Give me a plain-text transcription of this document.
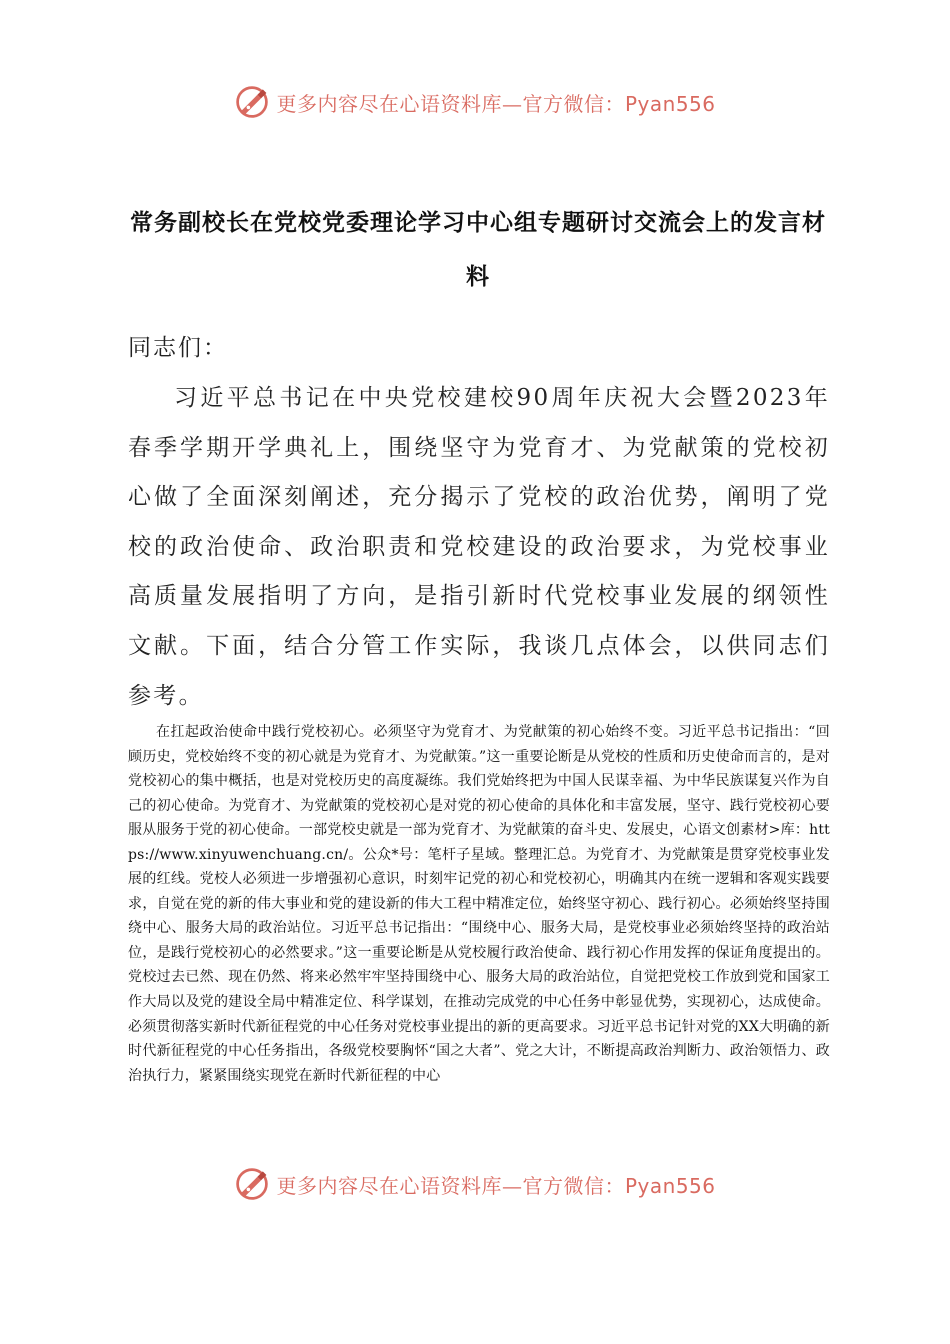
更多内容尽在心语资料库—官方微信：Pyan556
常务副校长在党校党委理论学习中心组专题研讨交流会上的发言材料
同志们：

习近平总书记在中央党校建校90周年庆祝大会暨2023年春季学期开学典礼上，围绕坚守为党育才、为党献策的党校初心做了全面深刻阐述，充分揭示了党校的政治优势，阐明了党校的政治使命、政治职责和党校建设的政治要求，为党校事业高质量发展指明了方向，是指引新时代党校事业发展的纲领性文献。下面，结合分管工作实际，我谈几点体会，以供同志们参考。

在扛起政治使命中践行党校初心。必须坚守为党育才、为党献策的初心始终不变。习近平总书记指出：“回顾历史，党校始终不变的初心就是为党育才、为党献策。”这一重要论断是从党校的性质和历史使命而言的，是对党校初心的集中概括，也是对党校历史的高度凝练。我们党始终把为中国人民谋幸福、为中华民族谋复兴作为自己的初心使命。为党育才、为党献策的党校初心是对党的初心使命的具体化和丰富发展，坚守、践行党校初心要服从服务于党的初心使命。一部党校史就是一部为党育才、为党献策的奋斗史、发展史，心语文创素材>库：https://www.xinyuwenchuang.cn/。公众*号：笔杆子星域。整理汇总。为党育才、为党献策是贯穿党校事业发展的红线。党校人必须进一步增强初心意识，时刻牢记党的初心和党校初心，明确其内在统一逻辑和客观实践要求，自觉在党的新的伟大事业和党的建设新的伟大工程中精准定位，始终坚守初心、践行初心。必须始终坚持围绕中心、服务大局的政治站位。习近平总书记指出：“围绕中心、服务大局，是党校事业必须始终坚持的政治站位，是践行党校初心的必然要求。”这一重要论断是从党校履行政治使命、践行初心作用发挥的保证角度提出的。党校过去已然、现在仍然、将来必然牢牢坚持围绕中心、服务大局的政治站位，自觉把党校工作放到党和国家工作大局以及党的建设全局中精准定位、科学谋划，在推动完成党的中心任务中彰显优势，实现初心，达成使命。必须贯彻落实新时代新征程党的中心任务对党校事业提出的新的更高要求。习近平总书记针对党的XX大明确的新时代新征程党的中心任务指出，各级党校要胸怀“国之大者”、党之大计，不断提高政治判断力、政治领悟力、政治执行力，紧紧围绕实现党在新时代新征程的中心

更多内容尽在心语资料库—官方微信：Pyan556
